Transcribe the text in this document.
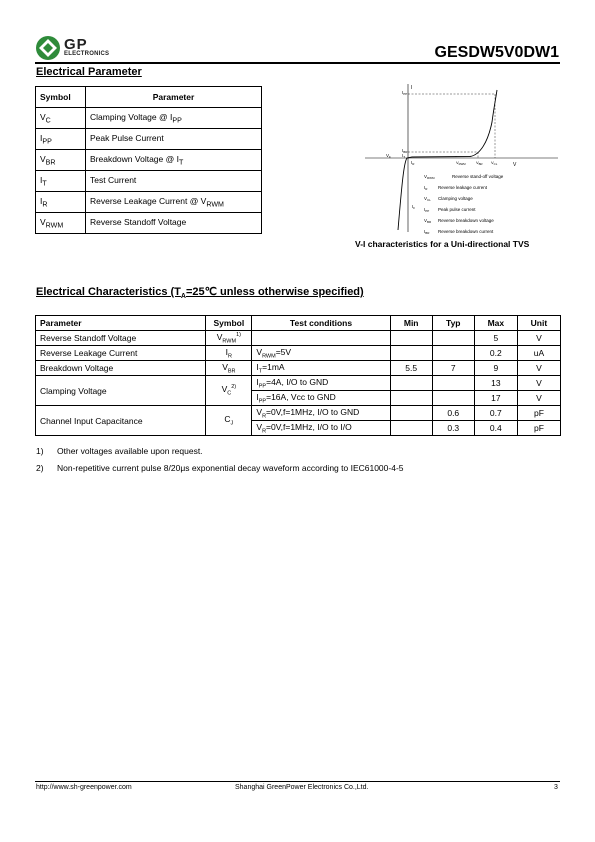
GP
ELECTRONICS	GESDW5V0DW1
Electrical Parameter
Symbol	Parameter
$V_C$	Clamping Voltage @ $I_{PP}$
$I_{PP}$	Peak Pulse Current
$V_{BR}$	Breakdown Voltage @ $I_T$
$I_T$	Test Current
$I_R$	Reverse Leakage Current @ $V_{RWM}$
$V_{RWM}$	Reverse Standoff Voltage
I
V
$I_{PP}$
$I_{BR}$
$I_T$
$V_F$
$I_R$
$I_F$
$V_{RWM}$	$V_{BR}$ $V_{CL}$
$V_{RWM}$	Reverse stand-off voltage
$I_R$ Reverse leakage current
$V_{CL}$ Clamping voltage
$I_{PP}$ Peak pulse current
$V_{BR}$ Reverse breakdown voltage
$I_{BR}$ Reverse breakdown current
V-I characteristics for a Uni-directional TVS
Electrical Characteristics ($T_A=25℃$ unless otherwise specified)
Parameter	Symbol	Test conditions	Min	Typ	Max	Unit
Reverse Standoff Voltage	$V_{RWM}^{1)}$				5	V
Reverse Leakage Current	$I_R$	$V_{RWM}=5V$			0.2	uA
Breakdown Voltage	$V_{BR}$	$I_T=1mA$	5.5	7	9	V
Clamping Voltage	$V_C^{2)}$	$I_{PP}=4A$, I/O to GND			13	V
		$I_{PP}=16A$, Vcc to GND			17	V
Channel Input Capacitance	$C_J$	$V_R=0V,f=1MHz$, I/O to GND		0.6	0.7	pF
		$V_R=0V,f=1MHz$, I/O to I/O		0.3	0.4	pF
1) Other voltages available upon request.
2) Non-repetitive current pulse 8/20μs exponential decay waveform according to IEC61000-4-5
http://www.sh-greenpower.com	Shanghai GreenPower Electronics Co.,Ltd.	3
